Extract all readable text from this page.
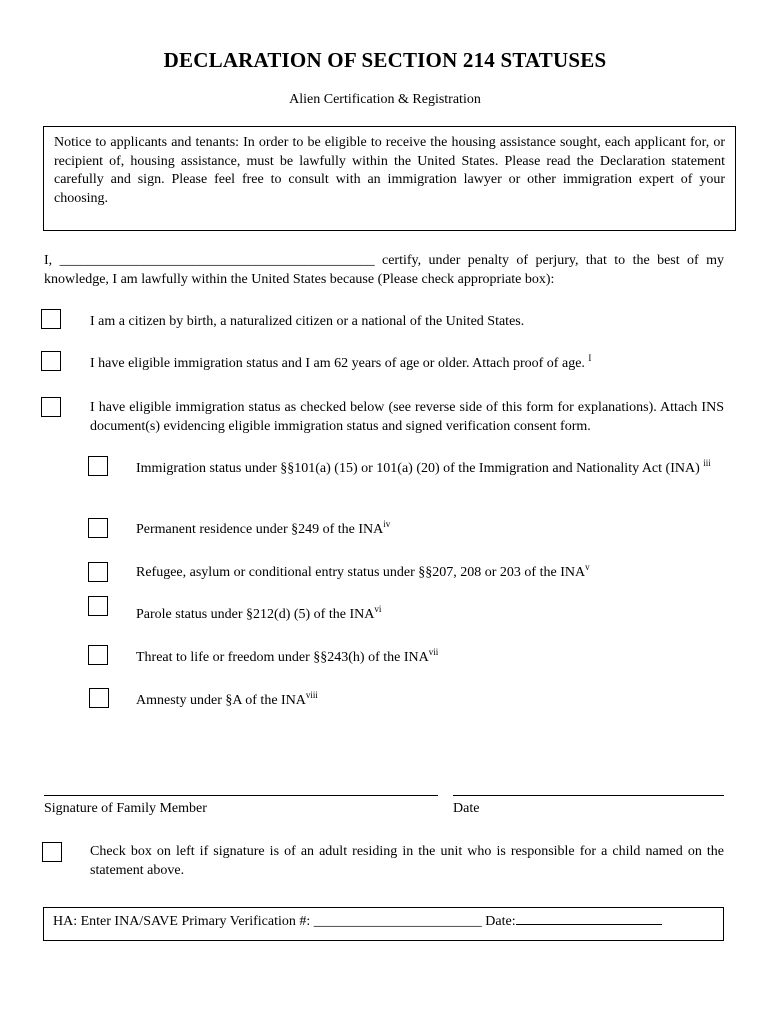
DECLARATION OF SECTION 214 STATUSES
Alien Certification & Registration
Notice to applicants and tenants: In order to be eligible to receive the housing assistance sought, each applicant for, or recipient of, housing assistance, must be lawfully within the United States. Please read the Declaration statement carefully and sign. Please feel free to consult with an immigration lawyer or other immigration expert of your choosing.
I, _____________________________________________ certify, under penalty of perjury, that to the best of my knowledge, I am lawfully within the United States because (Please check appropriate box):
I am a citizen by birth, a naturalized citizen or a national of the United States.
I have eligible immigration status and I am 62 years of age or older. Attach proof of age. $^I$
I have eligible immigration status as checked below (see reverse side of this form for explanations). Attach INS document(s) evidencing eligible immigration status and signed verification consent form.
Immigration status under §§101(a) (15) or 101(a) (20) of the Immigration and Nationality Act (INA) $^{iii}$
Permanent residence under §249 of the INA$^{iv}$
Refugee, asylum or conditional entry status under §§207, 208 or 203 of the INA$^v$
Parole status under §212(d) (5) of the INA$^{vi}$
Threat to life or freedom under §§243(h) of the INA$^{vii}$
Amnesty under §A of the INA$^{viii}$
Signature of Family Member	Date
Check box on left if signature is of an adult residing in the unit who is responsible for a child named on the statement above.
HA: Enter INA/SAVE Primary Verification #: ________________________ Date:
